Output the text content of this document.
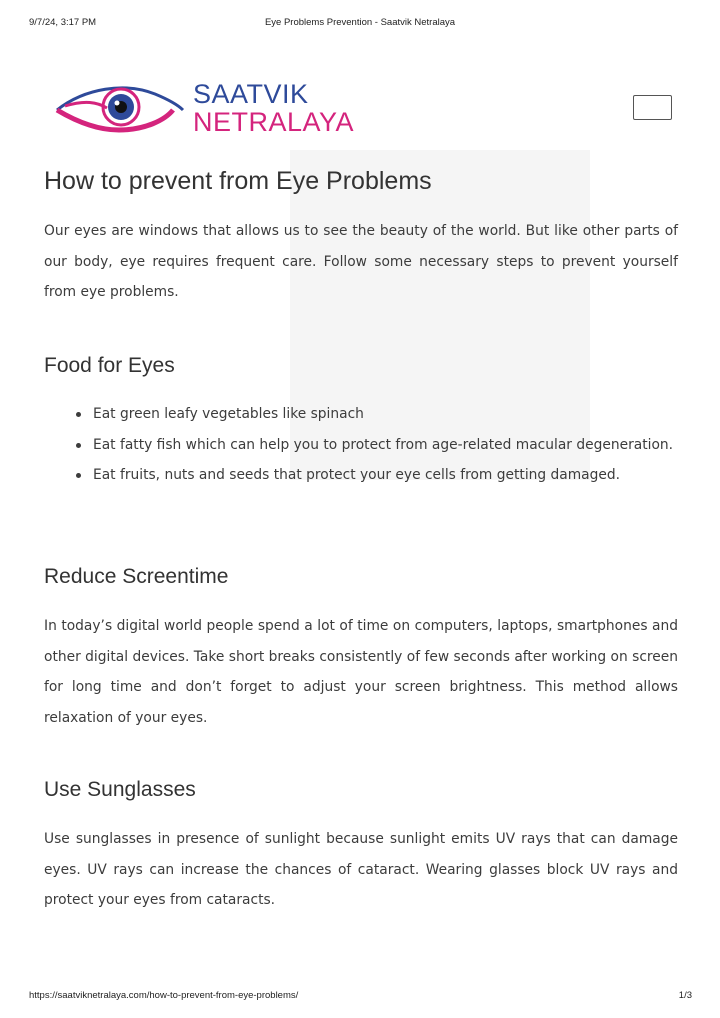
9/7/24, 3:17 PM	Eye Problems Prevention - Saatvik Netralaya
SAATVIK
NETRALAYA
How to prevent from Eye Problems

Our eyes are windows that allows us to see the beauty of the world. But like other parts of our body, eye requires frequent care. Follow some necessary steps to prevent yourself from eye problems.

Food for Eyes
Eat green leafy vegetables like spinach
Eat fatty fish which can help you to protect from age-related macular degeneration.
Eat fruits, nuts and seeds that protect your eye cells from getting damaged.
Reduce Screentime

In today’s digital world people spend a lot of time on computers, laptops, smartphones and other digital devices. Take short breaks consistently of few seconds after working on screen for long time and don’t forget to adjust your screen brightness. This method allows relaxation of your eyes.

Use Sunglasses

Use sunglasses in presence of sunlight because sunlight emits UV rays that can damage eyes. UV rays can increase the chances of cataract. Wearing glasses block UV rays and protect your eyes from cataracts.

https://saatviknetralaya.com/how-to-prevent-from-eye-problems/	1/3
